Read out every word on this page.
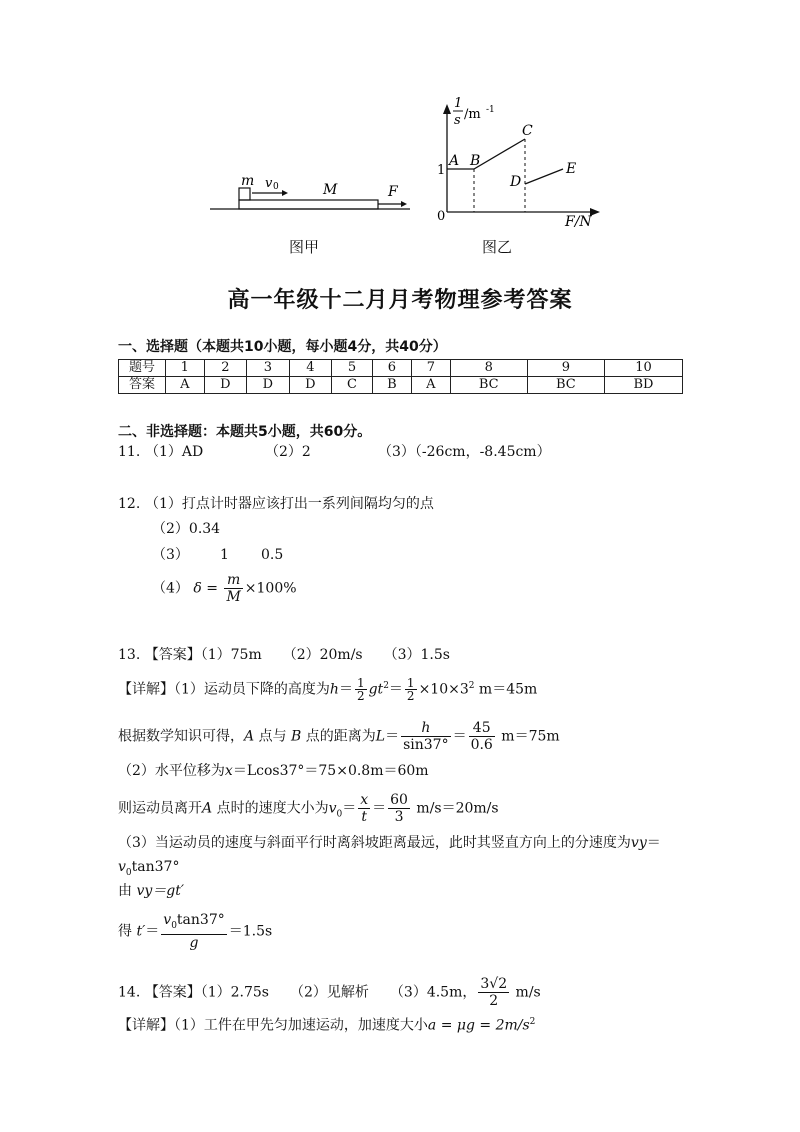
m v 0	M	F
1
s /m -1
1
0
A B
C
D
E
F/N
图甲	图乙
高一年级十二月月考物理参考答案
一、选择题（本题共10小题，每小题4分，共40分）
题号	1	2	3	4	5	6	7	8	9	10
答案	A	D	D	D	C	B	A	BC	BC	BD
二、非选择题：本题共5小题，共60分。
11. （1）AD	（2）2	（3）（-26cm，-8.45cm）
12. （1）打点计时器应该打出一系列间隔均匀的点
（2）0.34
（3） 1 0.5
（4） $\delta = \frac{m}{M} \times 100\%$
13. 【答案】（1）75m　　（2）20m/s　　（3）1.5s
【详解】（1）运动员下降的高度为$h= \frac{1}{2} gt^2= \frac{1}{2} \times 10\times 3^2$ m＝45m
根据数学知识可得，A 点与 B 点的距离为$L= \frac{h}{\sin 37^\circ} = \frac{45}{0.6} m=75m$
（2）水平位移为x＝Lcos37°＝75×0.8m＝60m
则运动员离开A 点时的速度大小为$v_0= \frac{x}{t} = \frac{60}{3} m/s=20m/s$
（3）当运动员的速度与斜面平行时离斜坡距离最远，此时其竖直方向上的分速度为vy＝
$v_0\tan 37^\circ$
由 vy＝gt′
得 $t'= \frac{v_0\tan 37^\circ}{g} =1.5s$
14. 【答案】（1）2.75s　　 （2）见解析　　 （3）4.5m， $\frac{3√2}{2} m/s$
【详解】（1）工件在甲先匀加速运动，加速度大小$a = \mu g = 2m/s^2$
